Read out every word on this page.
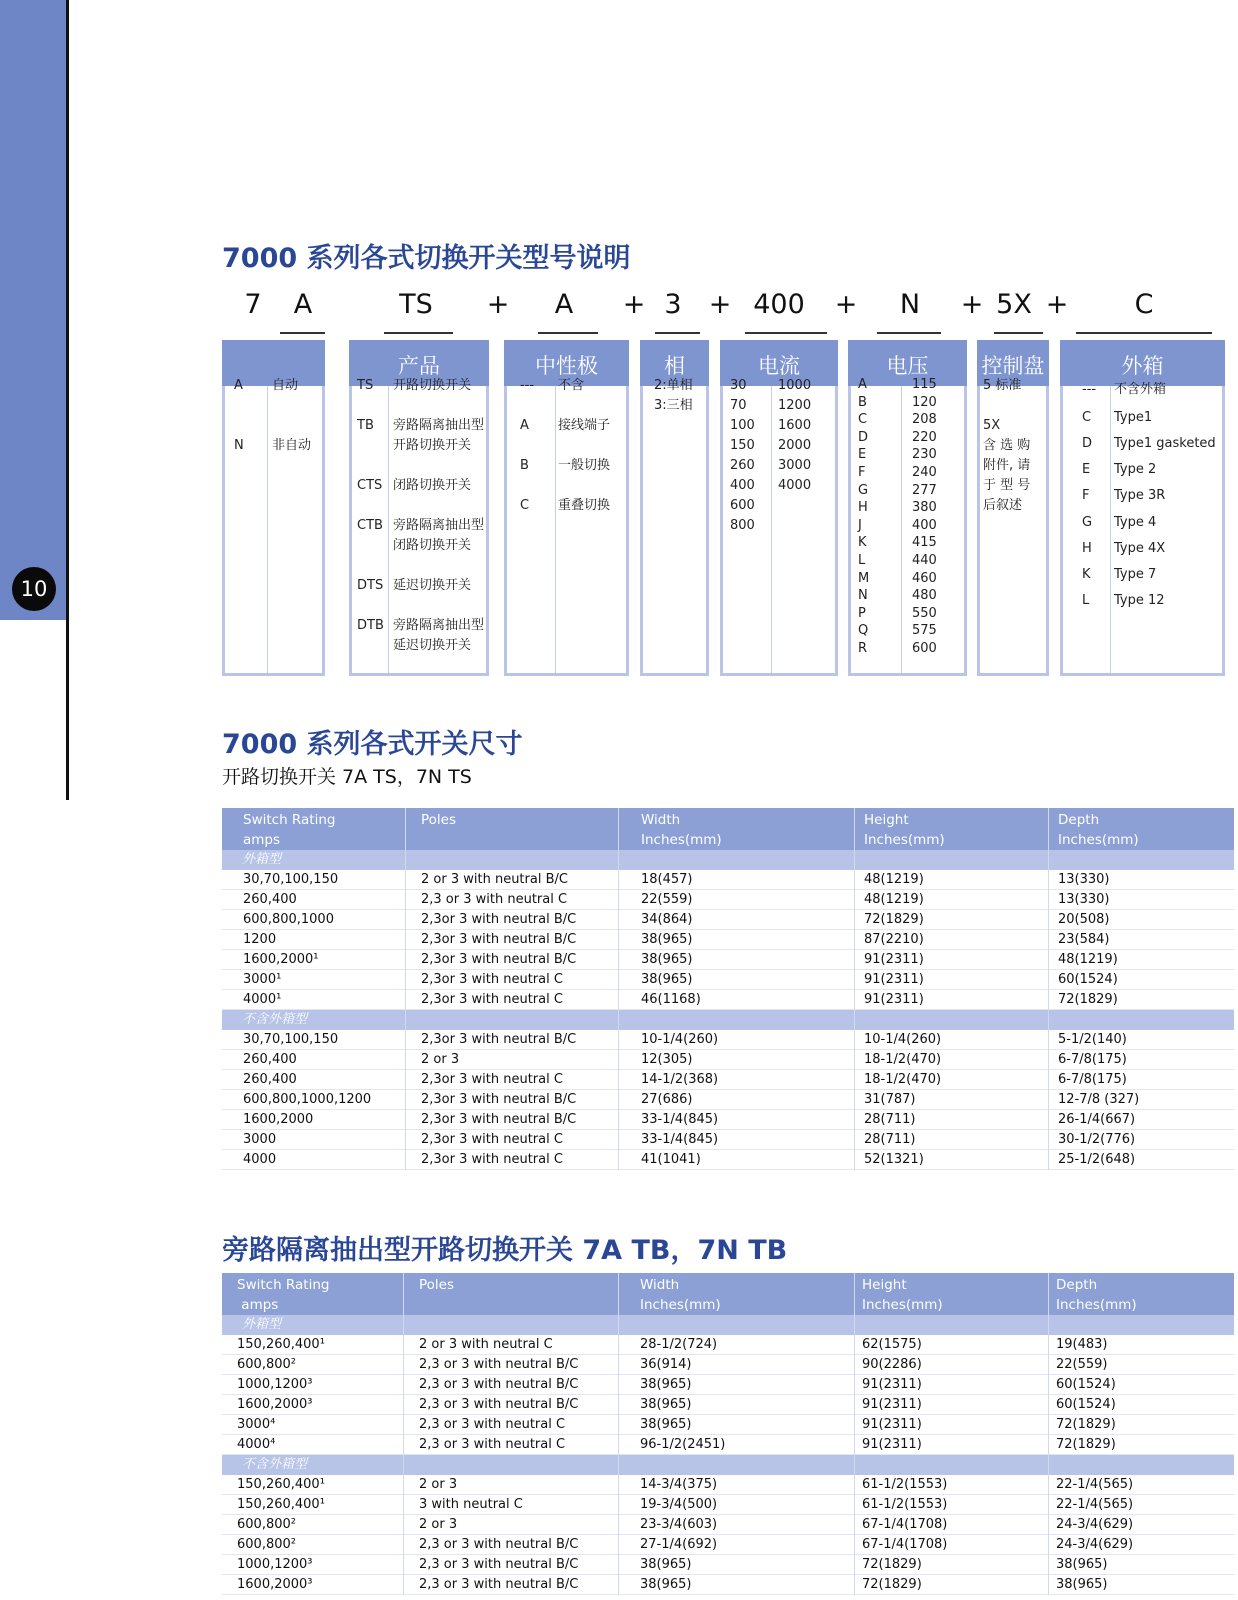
10
7000 系列各式切换开关型号说明
7	A	TS	+	A	+ 3	+ 400	+	N	+ 5X +	C
A 自动
N 非自动
产品
TS 开路切换开关
TB 旁路隔离抽出型
开路切换开关
CTS 闭路切换开关
CTB 旁路隔离抽出型
闭路切换开关
DTS 延迟切换开关
DTB 旁路隔离抽出型
延迟切换开关
中性极
--- 不含
A 接线端子
B 一般切换
C 重叠切换
相
2:单相
3:三相
电流
30 1000
70 1200
100 1600
150 2000
260 3000
400 4000
600
800
电压
A	115
B	120
C	208
D	220
E	230
F	240
G	277
H	380
J	400
K	415
L	440
M	460
N	480
P	550
Q	575
R	600
控制盘
5 标准
5X
含 选 购
附件, 请
于 型 号
后叙述
外箱
--- 不含外箱
C Type1
D Type1 gasketed
E Type 2
F Type 3R
G Type 4
H Type 4X
K Type 7
L Type 12
7000 系列各式开关尺寸
开路切换开关 7A TS，7N TS
Switch Rating
amps
Poles	Width
Inches(mm)
Height
Inches(mm)
Depth
Inches(mm)
外箱型
30,70,100,150	2 or 3 with neutral B/C	18(457)	48(1219)	13(330)
260,400	2,3 or 3 with neutral C	22(559)	48(1219)	13(330)
600,800,1000	2,3or 3 with neutral B/C	34(864)	72(1829)	20(508)
1200	2,3or 3 with neutral B/C	38(965)	87(2210)	23(584)
1600,2000¹	2,3or 3 with neutral B/C	38(965)	91(2311)	48(1219)
3000¹	2,3or 3 with neutral C	38(965)	91(2311)	60(1524)
4000¹	2,3or 3 with neutral C	46(1168)	91(2311)	72(1829)
不含外箱型
30,70,100,150	2,3or 3 with neutral B/C	10-1/4(260)	10-1/4(260)	5-1/2(140)
260,400	2 or 3	12(305)	18-1/2(470)	6-7/8(175)
260,400	2,3or 3 with neutral C	14-1/2(368)	18-1/2(470)	6-7/8(175)
600,800,1000,1200	2,3or 3 with neutral B/C	27(686)	31(787)	12-7/8 (327)
1600,2000	2,3or 3 with neutral B/C	33-1/4(845)	28(711)	26-1/4(667)
3000	2,3or 3 with neutral C	33-1/4(845)	28(711)	30-1/2(776)
4000	2,3or 3 with neutral C	41(1041)	52(1321)	25-1/2(648)
旁路隔离抽出型开路切换开关 7A TB，7N TB
Switch Rating
amps
Poles	Width
Inches(mm)
Height
Inches(mm)
Depth
Inches(mm)
外箱型
150,260,400¹	2 or 3 with neutral C	28-1/2(724)	62(1575)	19(483)
600,800²	2,3 or 3 with neutral B/C	36(914)	90(2286)	22(559)
1000,1200³	2,3 or 3 with neutral B/C	38(965)	91(2311)	60(1524)
1600,2000³	2,3 or 3 with neutral B/C	38(965)	91(2311)	60(1524)
3000⁴	2,3 or 3 with neutral C	38(965)	91(2311)	72(1829)
4000⁴	2,3 or 3 with neutral C	96-1/2(2451)	91(2311)	72(1829)
不含外箱型
150,260,400¹	2 or 3	14-3/4(375)	61-1/2(1553)	22-1/4(565)
150,260,400¹	3 with neutral C	19-3/4(500)	61-1/2(1553)	22-1/4(565)
600,800²	2 or 3	23-3/4(603)	67-1/4(1708)	24-3/4(629)
600,800²	2,3 or 3 with neutral B/C	27-1/4(692)	67-1/4(1708)	24-3/4(629)
1000,1200³	2,3 or 3 with neutral B/C	38(965)	72(1829)	38(965)
1600,2000³	2,3 or 3 with neutral B/C	38(965)	72(1829)	38(965)
